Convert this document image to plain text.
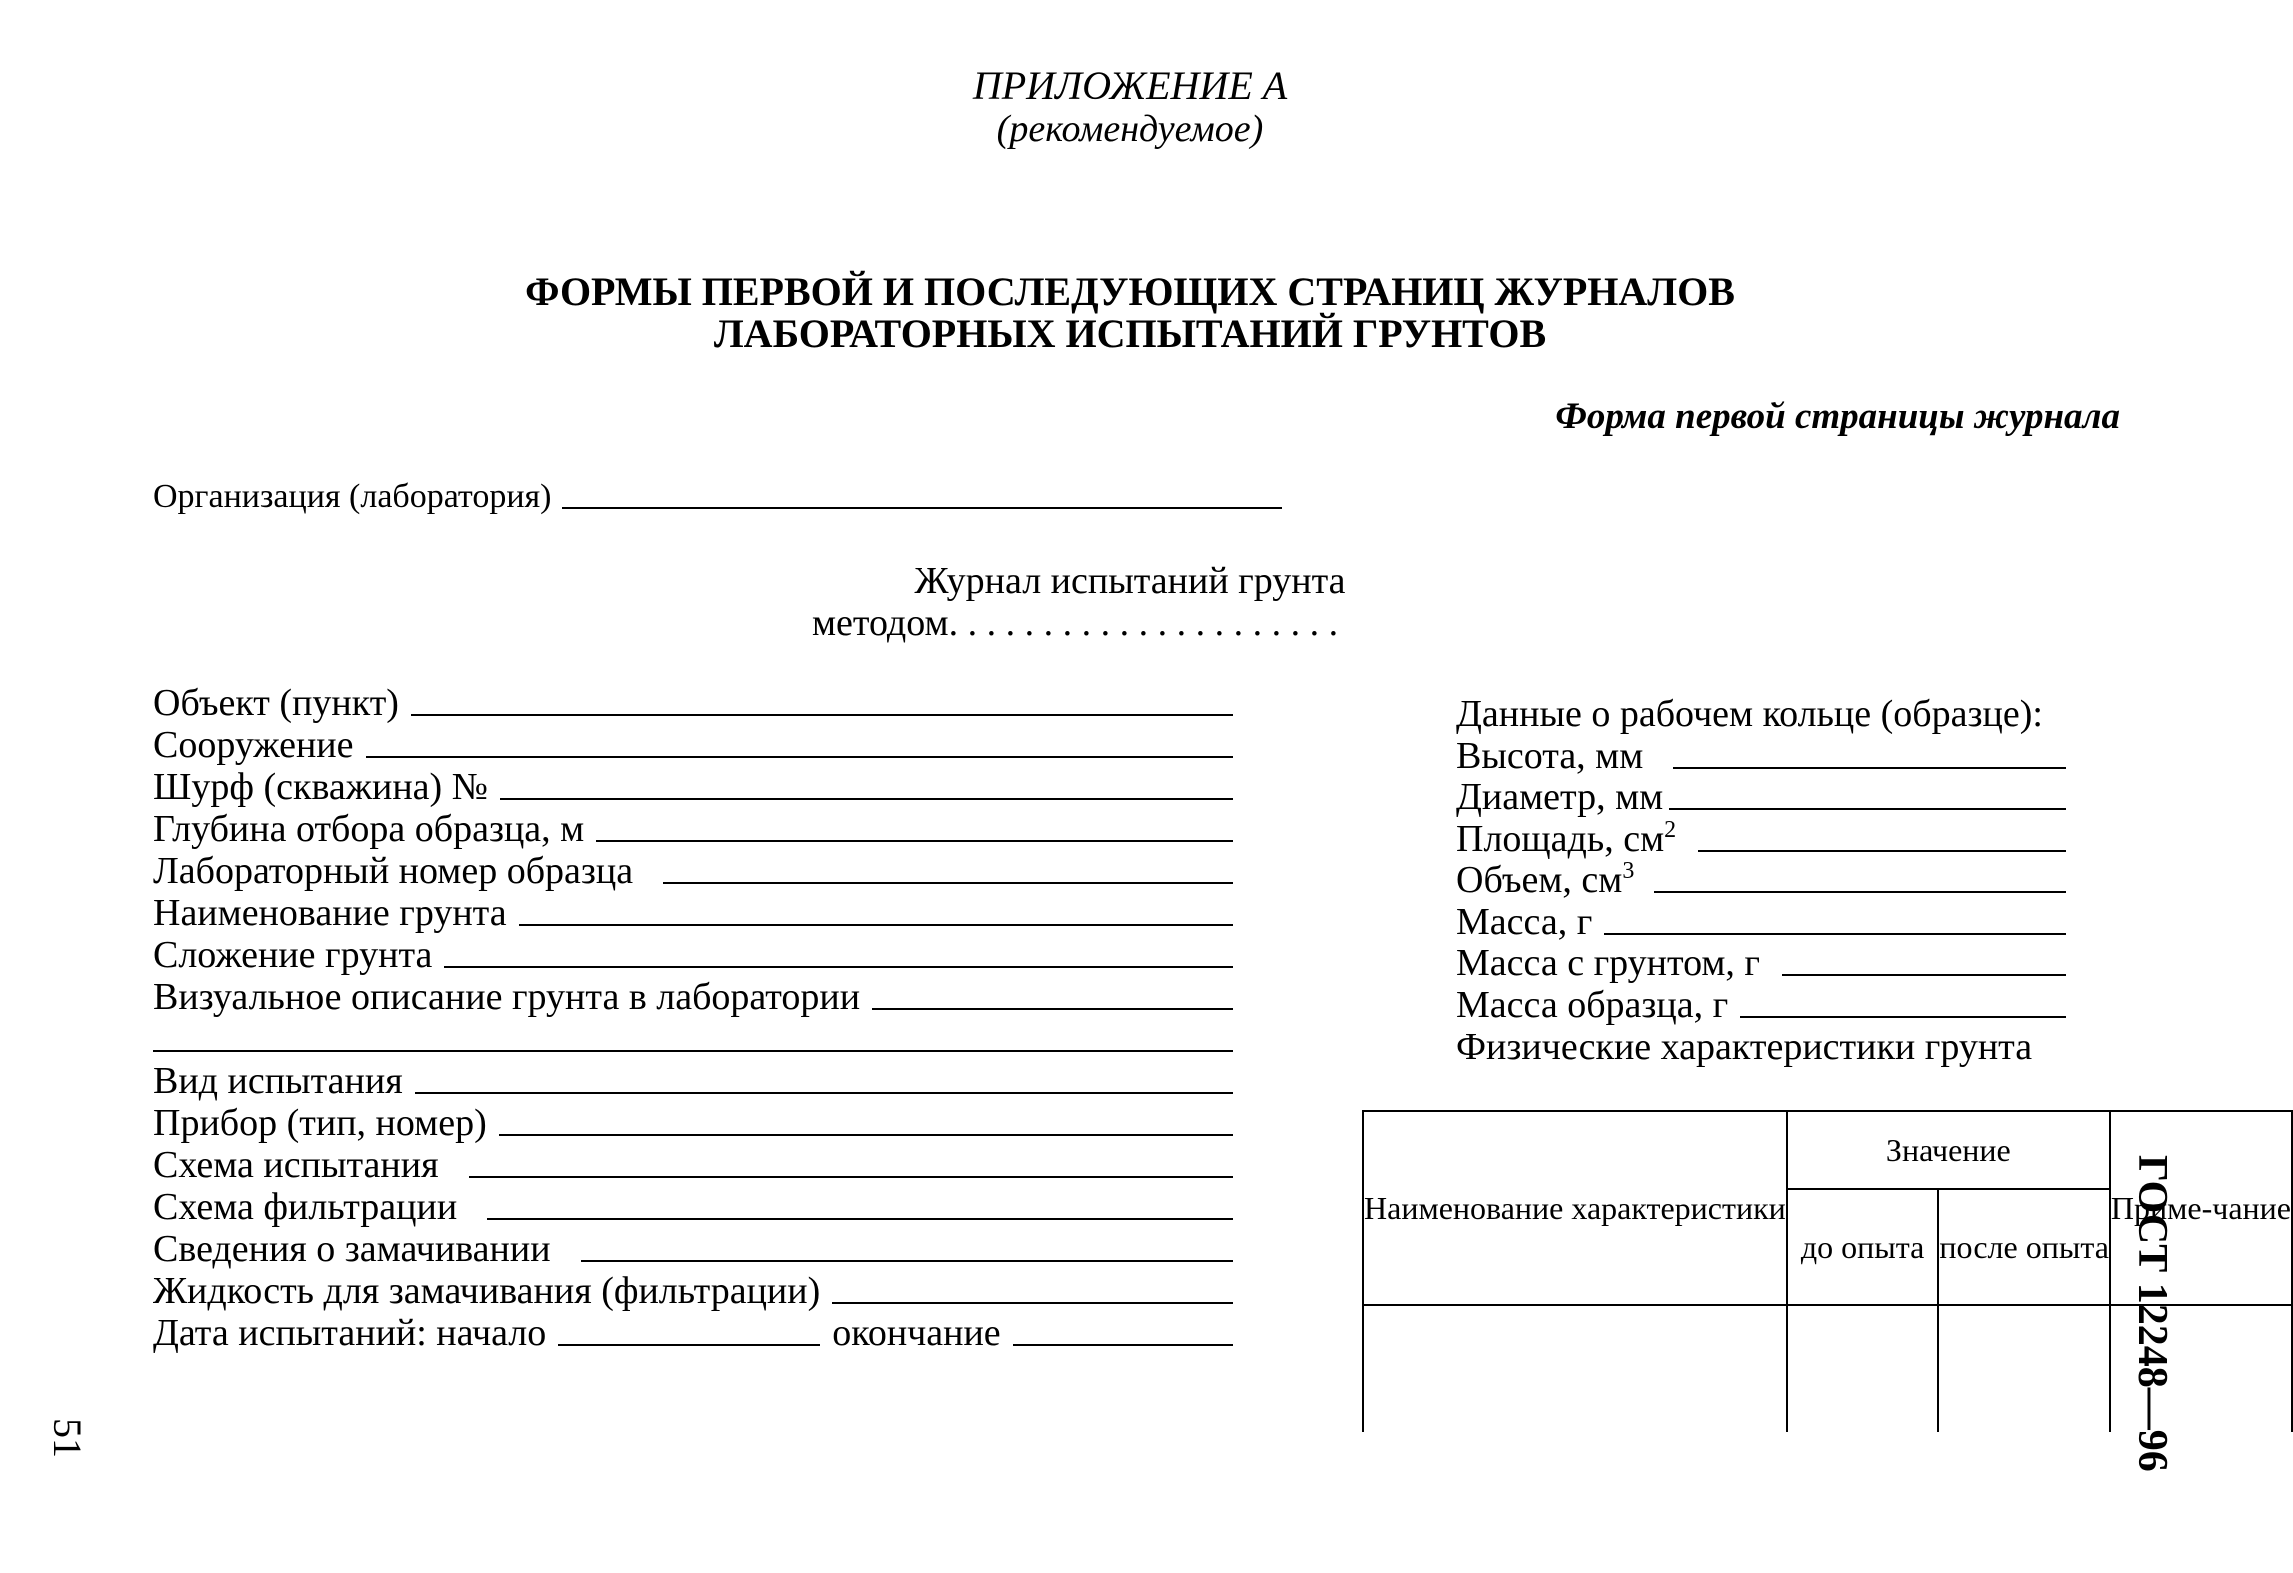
ПРИЛОЖЕНИЕ А
(рекомендуемое)
ФОРМЫ ПЕРВОЙ И ПОСЛЕДУЮЩИХ СТРАНИЦ ЖУРНАЛОВ
ЛАБОРАТОРНЫХ ИСПЫТАНИЙ ГРУНТОВ
Форма первой страницы журнала
Организация (лаборатория)
Журнал испытаний грунта
методом. . . . . . . . . . . . . . . . . . . . .
Объект (пункт)
Сооружение
Шурф (скважина) №
Глубина отбора образца, м
Лабораторный номер образца
Наименование грунта
Сложение грунта
Визуальное описание грунта в лаборатории
Вид испытания
Прибор (тип, номер)
Схема испытания
Схема фильтрации
Сведения о замачивании
Жидкость для замачивания (фильтрации)
Дата испытаний: начало	окончание
Данные о рабочем кольце (образце):
Высота, мм
Диаметр, мм
Площадь, $см^2$
Объем, $см^3$
Масса, г
Масса с грунтом, г
Масса образца, г
Физические характеристики грунта
Наименование характеристики	Значение		Приме-чание
	до опыта	после опыта	
			ГОСТ 12248—96
51
